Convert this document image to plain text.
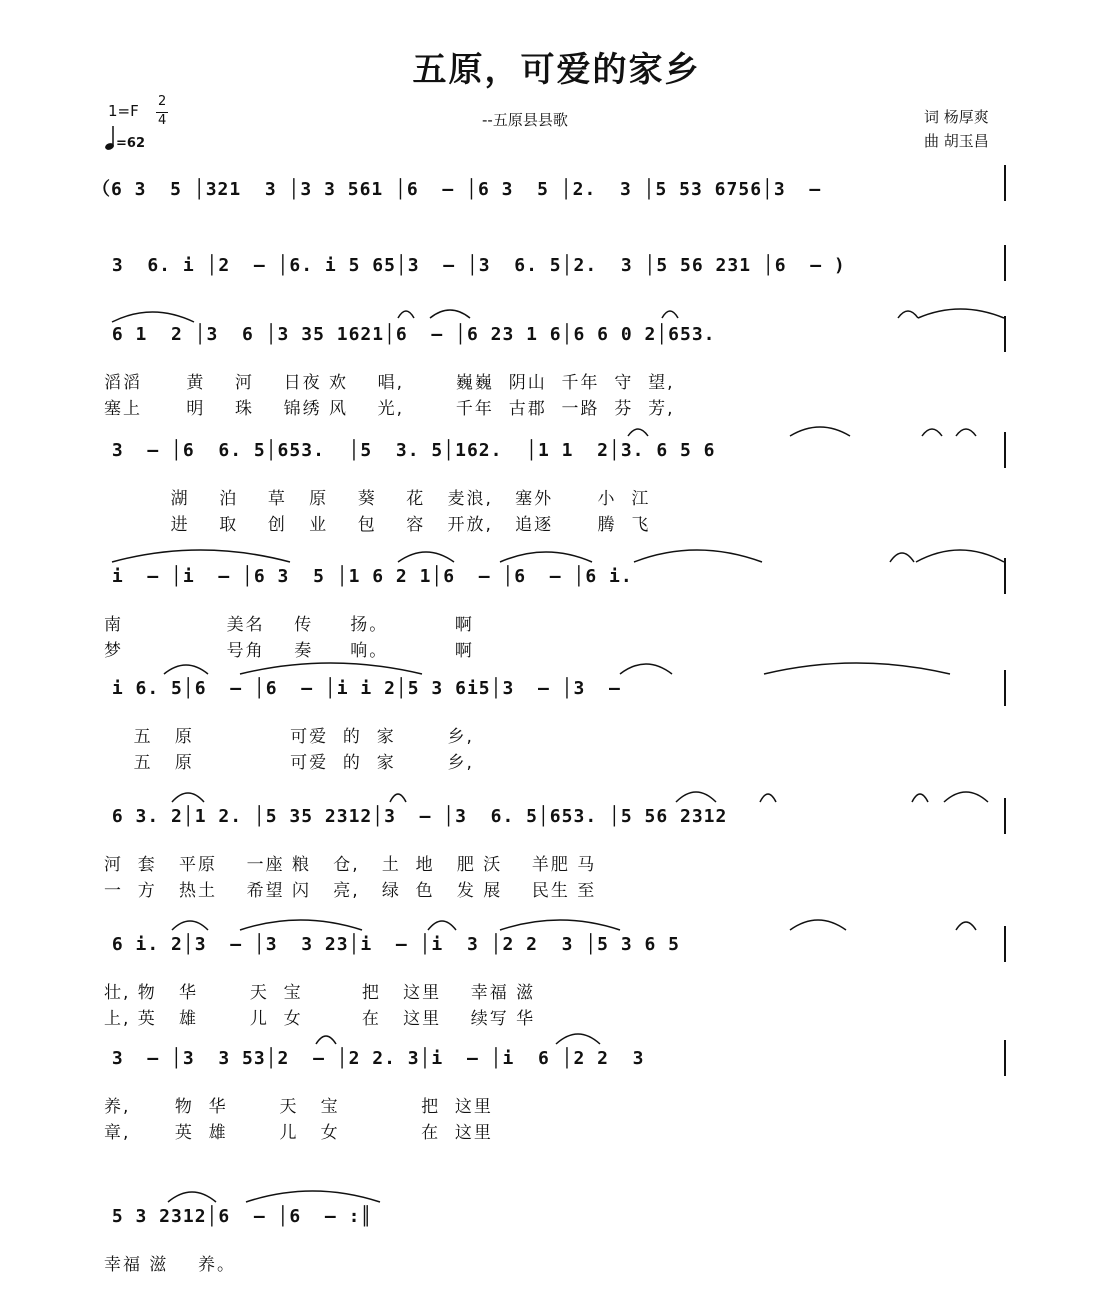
五原，可爱的家乡
1=F
2
4
=62
--五原县县歌	词 杨厚爽
曲 胡玉昌
（6 3  5 │321  3 │3 3 561 │6  – │6 3  5 │2.  3 │5 53 6756│3  –
3  6. i │2  – │6. i 5 65│3  – │3  6. 5│2.  3 │5 56 231 │6  – )
6 1  2 │3  6 │3 35 1621│6  – │6 23 1 6│6 6 0 2│653.
滔滔      黄    河    日夜 欢    唱,       巍巍  阴山  千年  守  望,
塞上      明    珠    锦绣 风    光,       千年  古郡  一路  芬  芳,
3  – │6  6. 5│653.  │5  3. 5│162.  │1 1  2│3. 6 5 6
湖    泊    草   原    葵    花   麦浪,   塞外      小  江
进    取    创   业    包    容   开放,   追逐      腾  飞
i  – │i  – │6 3  5 │1 6 2 1│6  – │6  – │6 i.
南              美名    传     扬。         啊
梦              号角    奏     响。         啊
i 6. 5│6  – │6  – │i i 2│5 3 6i5│3  – │3  –
五   原             可爱  的  家       乡,
五   原             可爱  的  家       乡,
6 3. 2│1 2. │5 35 2312│3  – │3  6. 5│653. │5 56 2312
河  套   平原    一座 粮   仓,   土  地   肥 沃    羊肥 马
一  方   热土    希望 闪   亮,   绿  色   发 展    民生 至
6 i. 2│3  – │3  3 23│i  – │i  3 │2 2  3 │5 3 6 5
壮, 物   华       天  宝        把   这里    幸福 滋
上, 英   雄       儿  女        在   这里    续写 华
3  – │3  3 53│2  – │2 2. 3│i  – │i  6 │2 2  3
养,      物  华       天   宝           把  这里
章,      英  雄       儿   女           在  这里
5 3 2312│6  – │6  – :║
幸福 滋    养。
